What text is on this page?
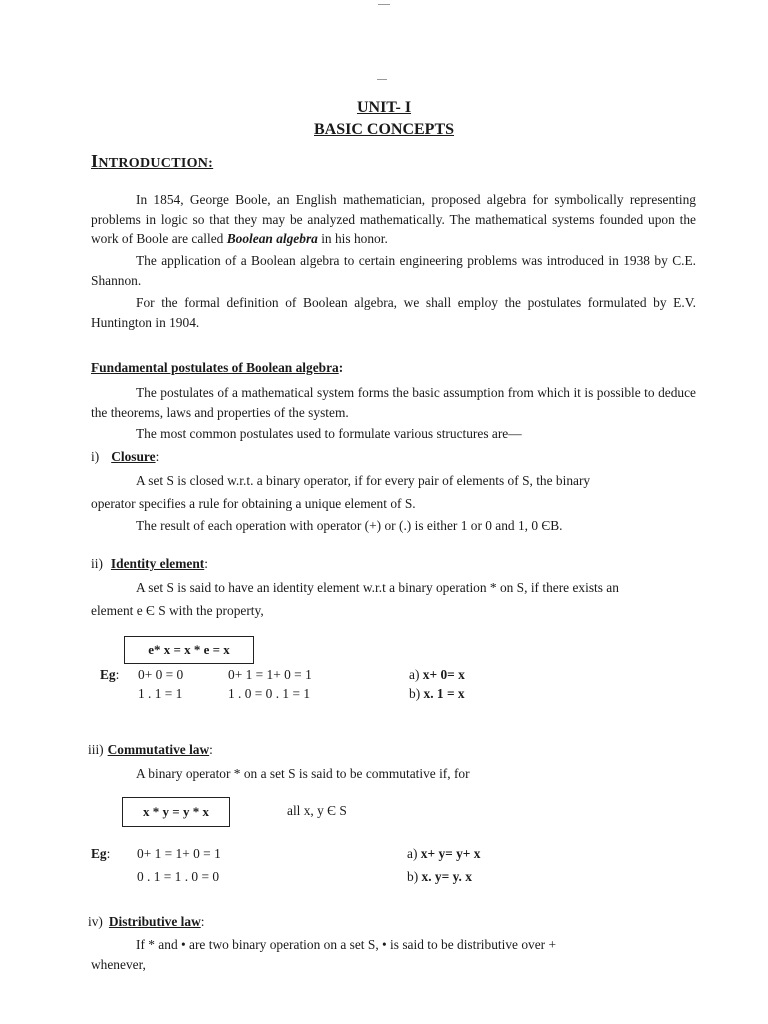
UNIT- I
BASIC CONCEPTS
INTRODUCTION:
In 1854, George Boole, an English mathematician, proposed algebra for symbolically representing problems in logic so that they may be analyzed mathematically. The mathematical systems founded upon the work of Boole are called Boolean algebra in his honor.
The application of a Boolean algebra to certain engineering problems was introduced in 1938 by C.E. Shannon.
For the formal definition of Boolean algebra, we shall employ the postulates formulated by E.V. Huntington in 1904.
Fundamental postulates of Boolean algebra:
The postulates of a mathematical system forms the basic assumption from which it is possible to deduce the theorems, laws and properties of the system.
The most common postulates used to formulate various structures are—
i) Closure:
A set S is closed w.r.t. a binary operator, if for every pair of elements of S, the binary
operator specifies a rule for obtaining a unique element of S.
The result of each operation with operator (+) or (.) is either 1 or 0 and 1, 0 ЄB.
ii) Identity element:
A set S is said to have an identity element w.r.t a binary operation * on S, if there exists an
element e Є S with the property,
e* x = x * e = x
Eg: 0+ 0 = 0	0+ 1 = 1+ 0 = 1	a) x+ 0= x
1 . 1 = 1	1 . 0 = 0 . 1 = 1	b) x. 1 = x
iii) Commutative law:
A binary operator * on a set S is said to be commutative if, for
x * y = y * x	all x, y Є S
Eg: 0+ 1 = 1+ 0 = 1	a) x+ y= y+ x
0 . 1 = 1 . 0 = 0	b) x. y= y. x
iv) Distributive law:
If * and • are two binary operation on a set S, • is said to be distributive over +
whenever,
